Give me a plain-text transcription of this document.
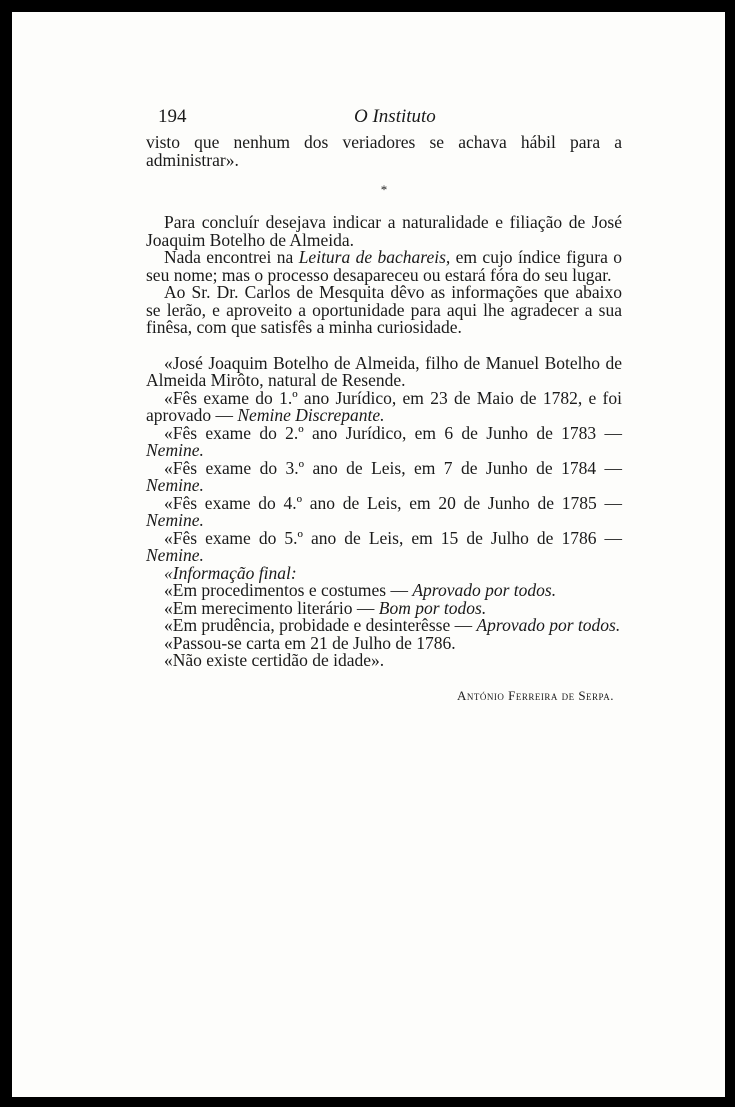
194	O Instituto

visto que nenhum dos veriadores se achava hábil para a administrar».

*

Para concluír desejava indicar a naturalidade e filiação de José Joaquim Botelho de Almeida.

Nada encontrei na Leitura de bachareis, em cujo índice figura o seu nome; mas o processo desapareceu ou estará fóra do seu lugar.

Ao Sr. Dr. Carlos de Mesquita dêvo as informações que abaixo se lerão, e aproveito a oportunidade para aqui lhe agradecer a sua finêsa, com que satisfês a minha curiosidade.

«José Joaquim Botelho de Almeida, filho de Manuel Botelho de Almeida Mirôto, natural de Resende.

«Fês exame do 1.º ano Jurídico, em 23 de Maio de 1782, e foi aprovado — Nemine Discrepante.

«Fês exame do 2.º ano Jurídico, em 6 de Junho de 1783 — Nemine.

«Fês exame do 3.º ano de Leis, em 7 de Junho de 1784 — Nemine.

«Fês exame do 4.º ano de Leis, em 20 de Junho de 1785 — Nemine.

«Fês exame do 5.º ano de Leis, em 15 de Julho de 1786 — Nemine.

«Informação final:

«Em procedimentos e costumes — Aprovado por todos.

«Em merecimento literário — Bom por todos.

«Em prudência, probidade e desinterêsse — Aprovado por todos.

«Passou-se carta em 21 de Julho de 1786.

«Não existe certidão de idade».

António Ferreira de Serpa.
